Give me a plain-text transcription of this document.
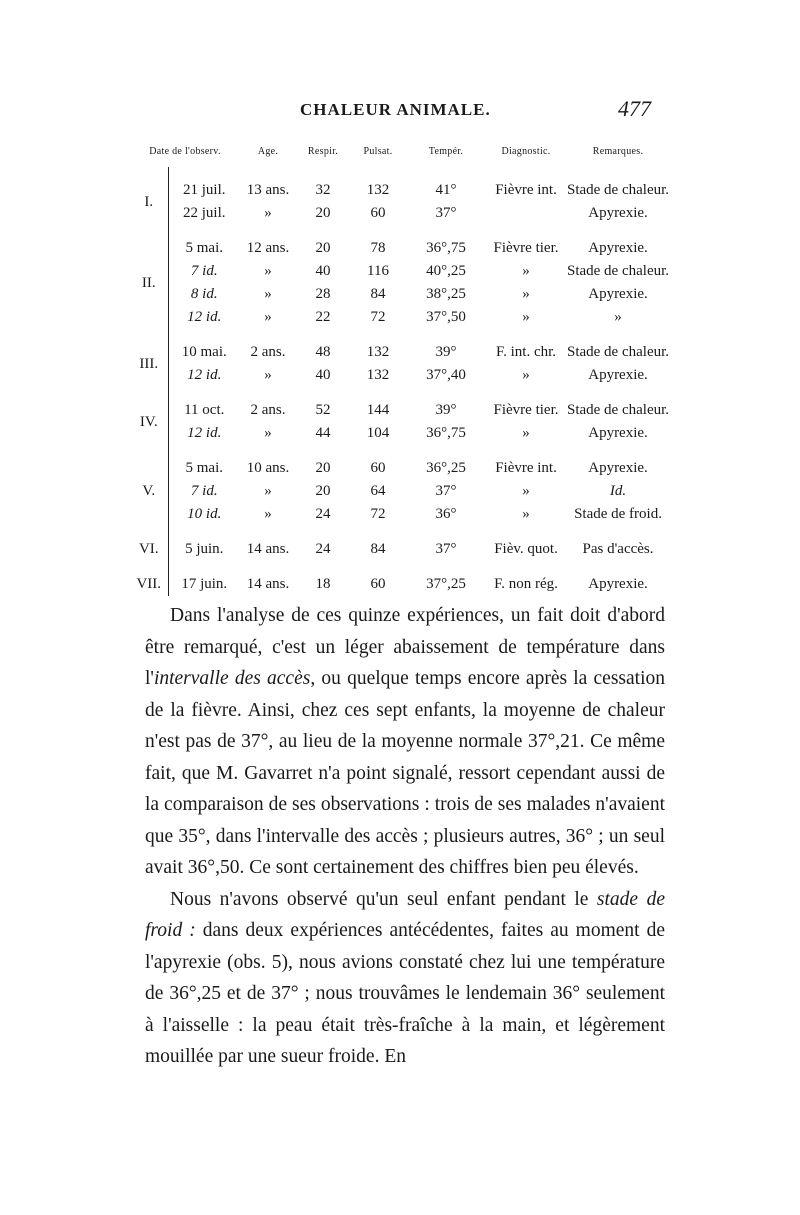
CHALEUR ANIMALE.	477
Date de l'observ.		Age.	Respir.	Pulsat.	Tempér.	Diagnostic.	Remarques.
I.	21 juil.	13 ans.	32	132	41°	Fièvre int.	Stade de chaleur.
	22 juil.	»	20	60	37°		Apyrexie.
II.	5 mai.	12 ans.	20	78	36°,75	Fièvre tier.	Apyrexie.
	7 id.	»	40	116	40°,25	»	Stade de chaleur.
	8 id.	»	28	84	38°,25	»	Apyrexie.
	12 id.	»	22	72	37°,50	»	»
III.	10 mai.	2 ans.	48	132	39°	F. int. chr.	Stade de chaleur.
	12 id.	»	40	132	37°,40	»	Apyrexie.
IV.	11 oct.	2 ans.	52	144	39°	Fièvre tier.	Stade de chaleur.
	12 id.	»	44	104	36°,75	»	Apyrexie.
V.	5 mai.	10 ans.	20	60	36°,25	Fièvre int.	Apyrexie.
	7 id.	»	20	64	37°	»	Id.
	10 id.	»	24	72	36°	»	Stade de froid.
VI.	5 juin.	14 ans.	24	84	37°	Fièv. quot.	Pas d'accès.
VII.	17 juin.	14 ans.	18	60	37°,25	F. non rég.	Apyrexie.

Dans l'analyse de ces quinze expériences, un fait doit d'abord être remarqué, c'est un léger abaissement de température dans l'intervalle des accès, ou quelque temps encore après la cessation de la fièvre. Ainsi, chez ces sept enfants, la moyenne de chaleur n'est pas de 37°, au lieu de la moyenne normale 37°,21. Ce même fait, que M. Gavarret n'a point signalé, ressort cependant aussi de la comparaison de ses observations : trois de ses malades n'avaient que 35°, dans l'intervalle des accès ; plusieurs autres, 36° ; un seul avait 36°,50. Ce sont certainement des chiffres bien peu élevés.

Nous n'avons observé qu'un seul enfant pendant le stade de froid : dans deux expériences antécédentes, faites au moment de l'apyrexie (obs. 5), nous avions constaté chez lui une température de 36°,25 et de 37° ; nous trouvâmes le lendemain 36° seulement à l'aisselle : la peau était très-fraîche à la main, et légèrement mouillée par une sueur froide. En
